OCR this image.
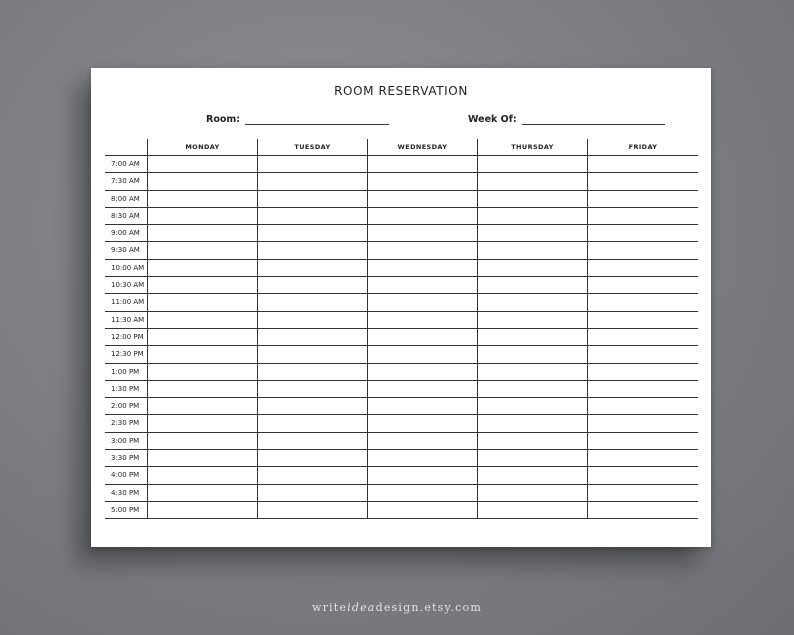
ROOM RESERVATION
Room:	Week Of:
MONDAY	TUESDAY	WEDNESDAY	THURSDAY	FRIDAY
7:00 AM
7:30 AM
8:00 AM
8:30 AM
9:00 AM
9:30 AM
10:00 AM
10:30 AM
11:00 AM
11:30 AM
12:00 PM
12:30 PM
1:00 PM
1:30 PM
2:00 PM
2:30 PM
3:00 PM
3:30 PM
4:00 PM
4:30 PM
5:00 PM
writeideadesign.etsy.com
